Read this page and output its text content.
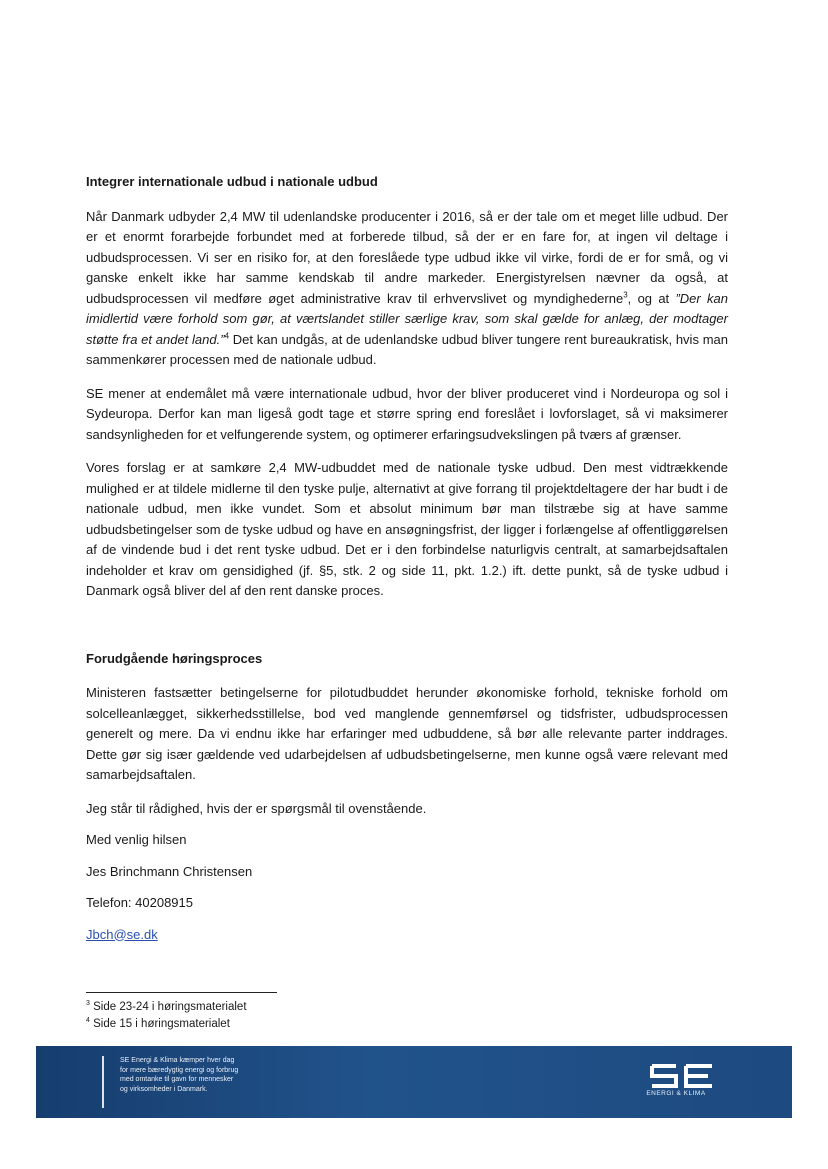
Integrer internationale udbud i nationale udbud

Når Danmark udbyder 2,4 MW til udenlandske producenter i 2016, så er der tale om et meget lille udbud. Der er et enormt forarbejde forbundet med at forberede tilbud, så der er en fare for, at ingen vil deltage i udbudsprocessen. Vi ser en risiko for, at den foreslåede type udbud ikke vil virke, fordi de er for små, og vi ganske enkelt ikke har samme kendskab til andre markeder. Energistyrelsen nævner da også, at udbudsprocessen vil medføre øget administrative krav til erhvervslivet og myndighederne$^3$, og at ”Der kan imidlertid være forhold som gør, at værtslandet stiller særlige krav, som skal gælde for anlæg, der modtager støtte fra et andet land.”$^4$ Det kan undgås, at de udenlandske udbud bliver tungere rent bureaukratisk, hvis man sammenkører processen med de nationale udbud.

SE mener at endemålet må være internationale udbud, hvor der bliver produceret vind i Nordeuropa og sol i Sydeuropa. Derfor kan man ligeså godt tage et større spring end foreslået i lovforslaget, så vi maksimerer sandsynligheden for et velfungerende system, og optimerer erfaringsudvekslingen på tværs af grænser.

Vores forslag er at samkøre 2,4 MW-udbuddet med de nationale tyske udbud. Den mest vidtrækkende mulighed er at tildele midlerne til den tyske pulje, alternativt at give forrang til projektdeltagere der har budt i de nationale udbud, men ikke vundet. Som et absolut minimum bør man tilstræbe sig at have samme udbudsbetingelser som de tyske udbud og have en ansøgningsfrist, der ligger i forlængelse af offentliggørelsen af de vindende bud i det rent tyske udbud. Det er i den forbindelse naturligvis centralt, at samarbejdsaftalen indeholder et krav om gensidighed (jf. §5, stk. 2 og side 11, pkt. 1.2.) ift. dette punkt, så de tyske udbud i Danmark også bliver del af den rent danske proces.

Forudgående høringsproces

Ministeren fastsætter betingelserne for pilotudbuddet herunder økonomiske forhold, tekniske forhold om solcelleanlægget, sikkerhedsstillelse, bod ved manglende gennemførsel og tidsfrister, udbudsprocessen generelt og mere. Da vi endnu ikke har erfaringer med udbuddene, så bør alle relevante parter inddrages. Dette gør sig især gældende ved udarbejdelsen af udbudsbetingelserne, men kunne også være relevant med samarbejdsaftalen.

Jeg står til rådighed, hvis der er spørgsmål til ovenstående.

Med venlig hilsen
Jes Brinchmann Christensen
Telefon: 40208915
Jbch@se.dk
$^3$ Side 23-24 i høringsmaterialet
$^4$ Side 15 i høringsmaterialet
SE Energi & Klima kæmper hver dag
for mere bæredygtig energi og forbrug
med omtanke til gavn for mennesker
og virksomheder i Danmark.
ENERGI & KLIMA
